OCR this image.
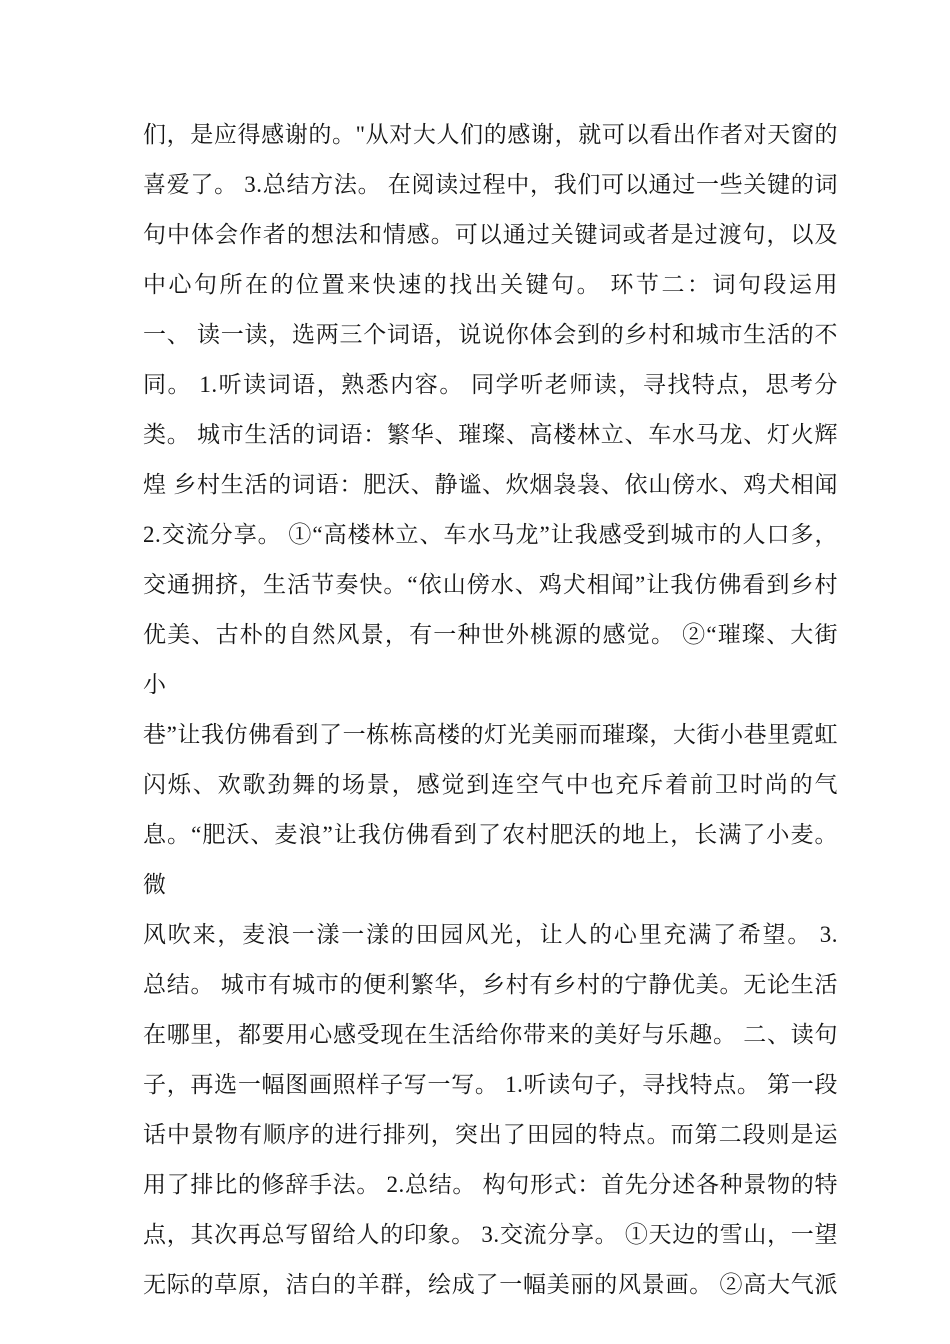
们，是应得感谢的。"从对大人们的感谢，就可以看出作者对天窗的
喜爱了。 3.总结方法。 在阅读过程中，我们可以通过一些关键的词
句中体会作者的想法和情感。可以通过关键词或者是过渡句，以及
中心句所在的位置来快速的找出关键句。 环节二：词句段运用
一、 读一读，选两三个词语，说说你体会到的乡村和城市生活的不
同。 1.听读词语，熟悉内容。 同学听老师读，寻找特点，思考分
类。 城市生活的词语：繁华、璀璨、高楼林立、车水马龙、灯火辉
煌 乡村生活的词语：肥沃、静谧、炊烟袅袅、依山傍水、鸡犬相闻
2.交流分享。 ①“高楼林立、车水马龙”让我感受到城市的人口多，
交通拥挤，生活节奏快。“依山傍水、鸡犬相闻”让我仿佛看到乡村
优美、古朴的自然风景，有一种世外桃源的感觉。 ②“璀璨、大街小
巷”让我仿佛看到了一栋栋高楼的灯光美丽而璀璨，大街小巷里霓虹
闪烁、欢歌劲舞的场景，感觉到连空气中也充斥着前卫时尚的气
息。“肥沃、麦浪”让我仿佛看到了农村肥沃的地上，长满了小麦。微
风吹来，麦浪一漾一漾的田园风光，让人的心里充满了希望。 3.
总结。 城市有城市的便利繁华，乡村有乡村的宁静优美。无论生活
在哪里，都要用心感受现在生活给你带来的美好与乐趣。 二、读句
子，再选一幅图画照样子写一写。 1.听读句子，寻找特点。 第一段
话中景物有顺序的进行排列，突出了田园的特点。而第二段则是运
用了排比的修辞手法。 2.总结。 构句形式：首先分述各种景物的特
点，其次再总写留给人的印象。 3.交流分享。 ①天边的雪山，一望
无际的草原，洁白的羊群，绘成了一幅美丽的风景画。 ②高大气派
